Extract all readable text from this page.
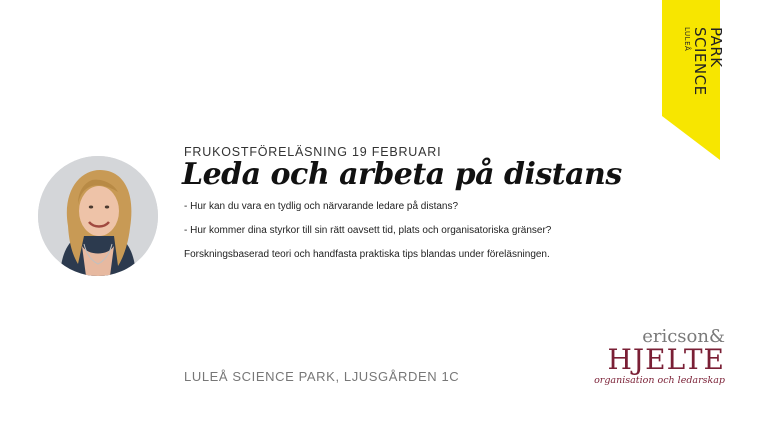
LULEÅ SCIENCE
PARK
FRUKOSTFÖRELÄSNING 19 FEBRUARI
Leda och arbeta på distans
- Hur kan du vara en tydlig och närvarande ledare på distans?
- Hur kommer dina styrkor till sin rätt oavsett tid, plats och organisatoriska gränser?
Forskningsbaserad teori och handfasta praktiska tips blandas under föreläsningen.
LULEÅ SCIENCE PARK, LJUSGÅRDEN 1C
ericson&
HJELTE
organisation och ledarskap
